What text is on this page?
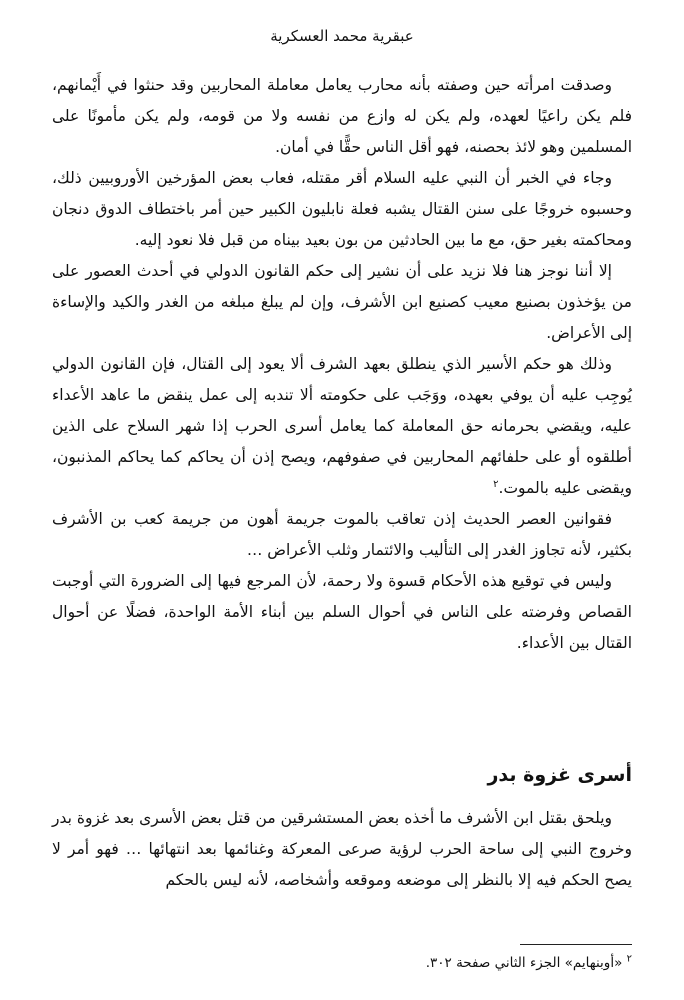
عبقرية محمد العسكرية

وصدقت امرأته حين وصفته بأنه محارب يعامل معاملة المحاربين وقد حنثوا في أَيْمانهم، فلم يكن راعيًا لعهده، ولم يكن له وازع من نفسه ولا من قومه، ولم يكن مأمونًا على المسلمين وهو لائذ بحصنه، فهو أقل الناس حقًّا في أمان.

وجاء في الخبر أن النبي عليه السلام أقر مقتله، فعاب بعض المؤرخين الأوروبيين ذلك، وحسبوه خروجًا على سنن القتال يشبه فعلة نابليون الكبير حين أمر باختطاف الدوق دنجان ومحاكمته بغير حق، مع ما بين الحادثين من بون بعيد بيناه من قبل فلا نعود إليه.

إلا أننا نوجز هنا فلا نزيد على أن نشير إلى حكم القانون الدولي في أحدث العصور على من يؤخذون بصنيع معيب كصنيع ابن الأشرف، وإن لم يبلغ مبلغه من الغدر والكيد والإساءة إلى الأعراض.

وذلك هو حكم الأسير الذي ينطلق بعهد الشرف ألا يعود إلى القتال، فإن القانون الدولي يُوجِب عليه أن يوفي بعهده، ووَجَب على حكومته ألا تندبه إلى عمل ينقض ما عاهد الأعداء عليه، ويقضي بحرمانه حق المعاملة كما يعامل أسرى الحرب إذا شهر السلاح على الذين أطلقوه أو على حلفائهم المحاربين في صفوفهم، ويصح إذن أن يحاكم كما يحاكم المذنبون، ويقضى عليه بالموت.$^٢$

فقوانين العصر الحديث إذن تعاقب بالموت جريمة أهون من جريمة كعب بن الأشرف بكثير، لأنه تجاوز الغدر إلى التأليب والائتمار وثلب الأعراض …

وليس في توقيع هذه الأحكام قسوة ولا رحمة، لأن المرجع فيها إلى الضرورة التي أوجبت القصاص وفرضته على الناس في أحوال السلم بين أبناء الأمة الواحدة، فضلًا عن أحوال القتال بين الأعداء.

أسرى غزوة بدر

ويلحق بقتل ابن الأشرف ما أخذه بعض المستشرقين من قتل بعض الأسرى بعد غزوة بدر وخروج النبي إلى ساحة الحرب لرؤية صرعى المعركة وغنائمها بعد انتهائها … فهو أمر لا يصح الحكم فيه إلا بالنظر إلى موضعه وموقعه وأشخاصه، لأنه ليس بالحكم

$^٢$ «أوبنهايم» الجزء الثاني صفحة ٣٠٢.
